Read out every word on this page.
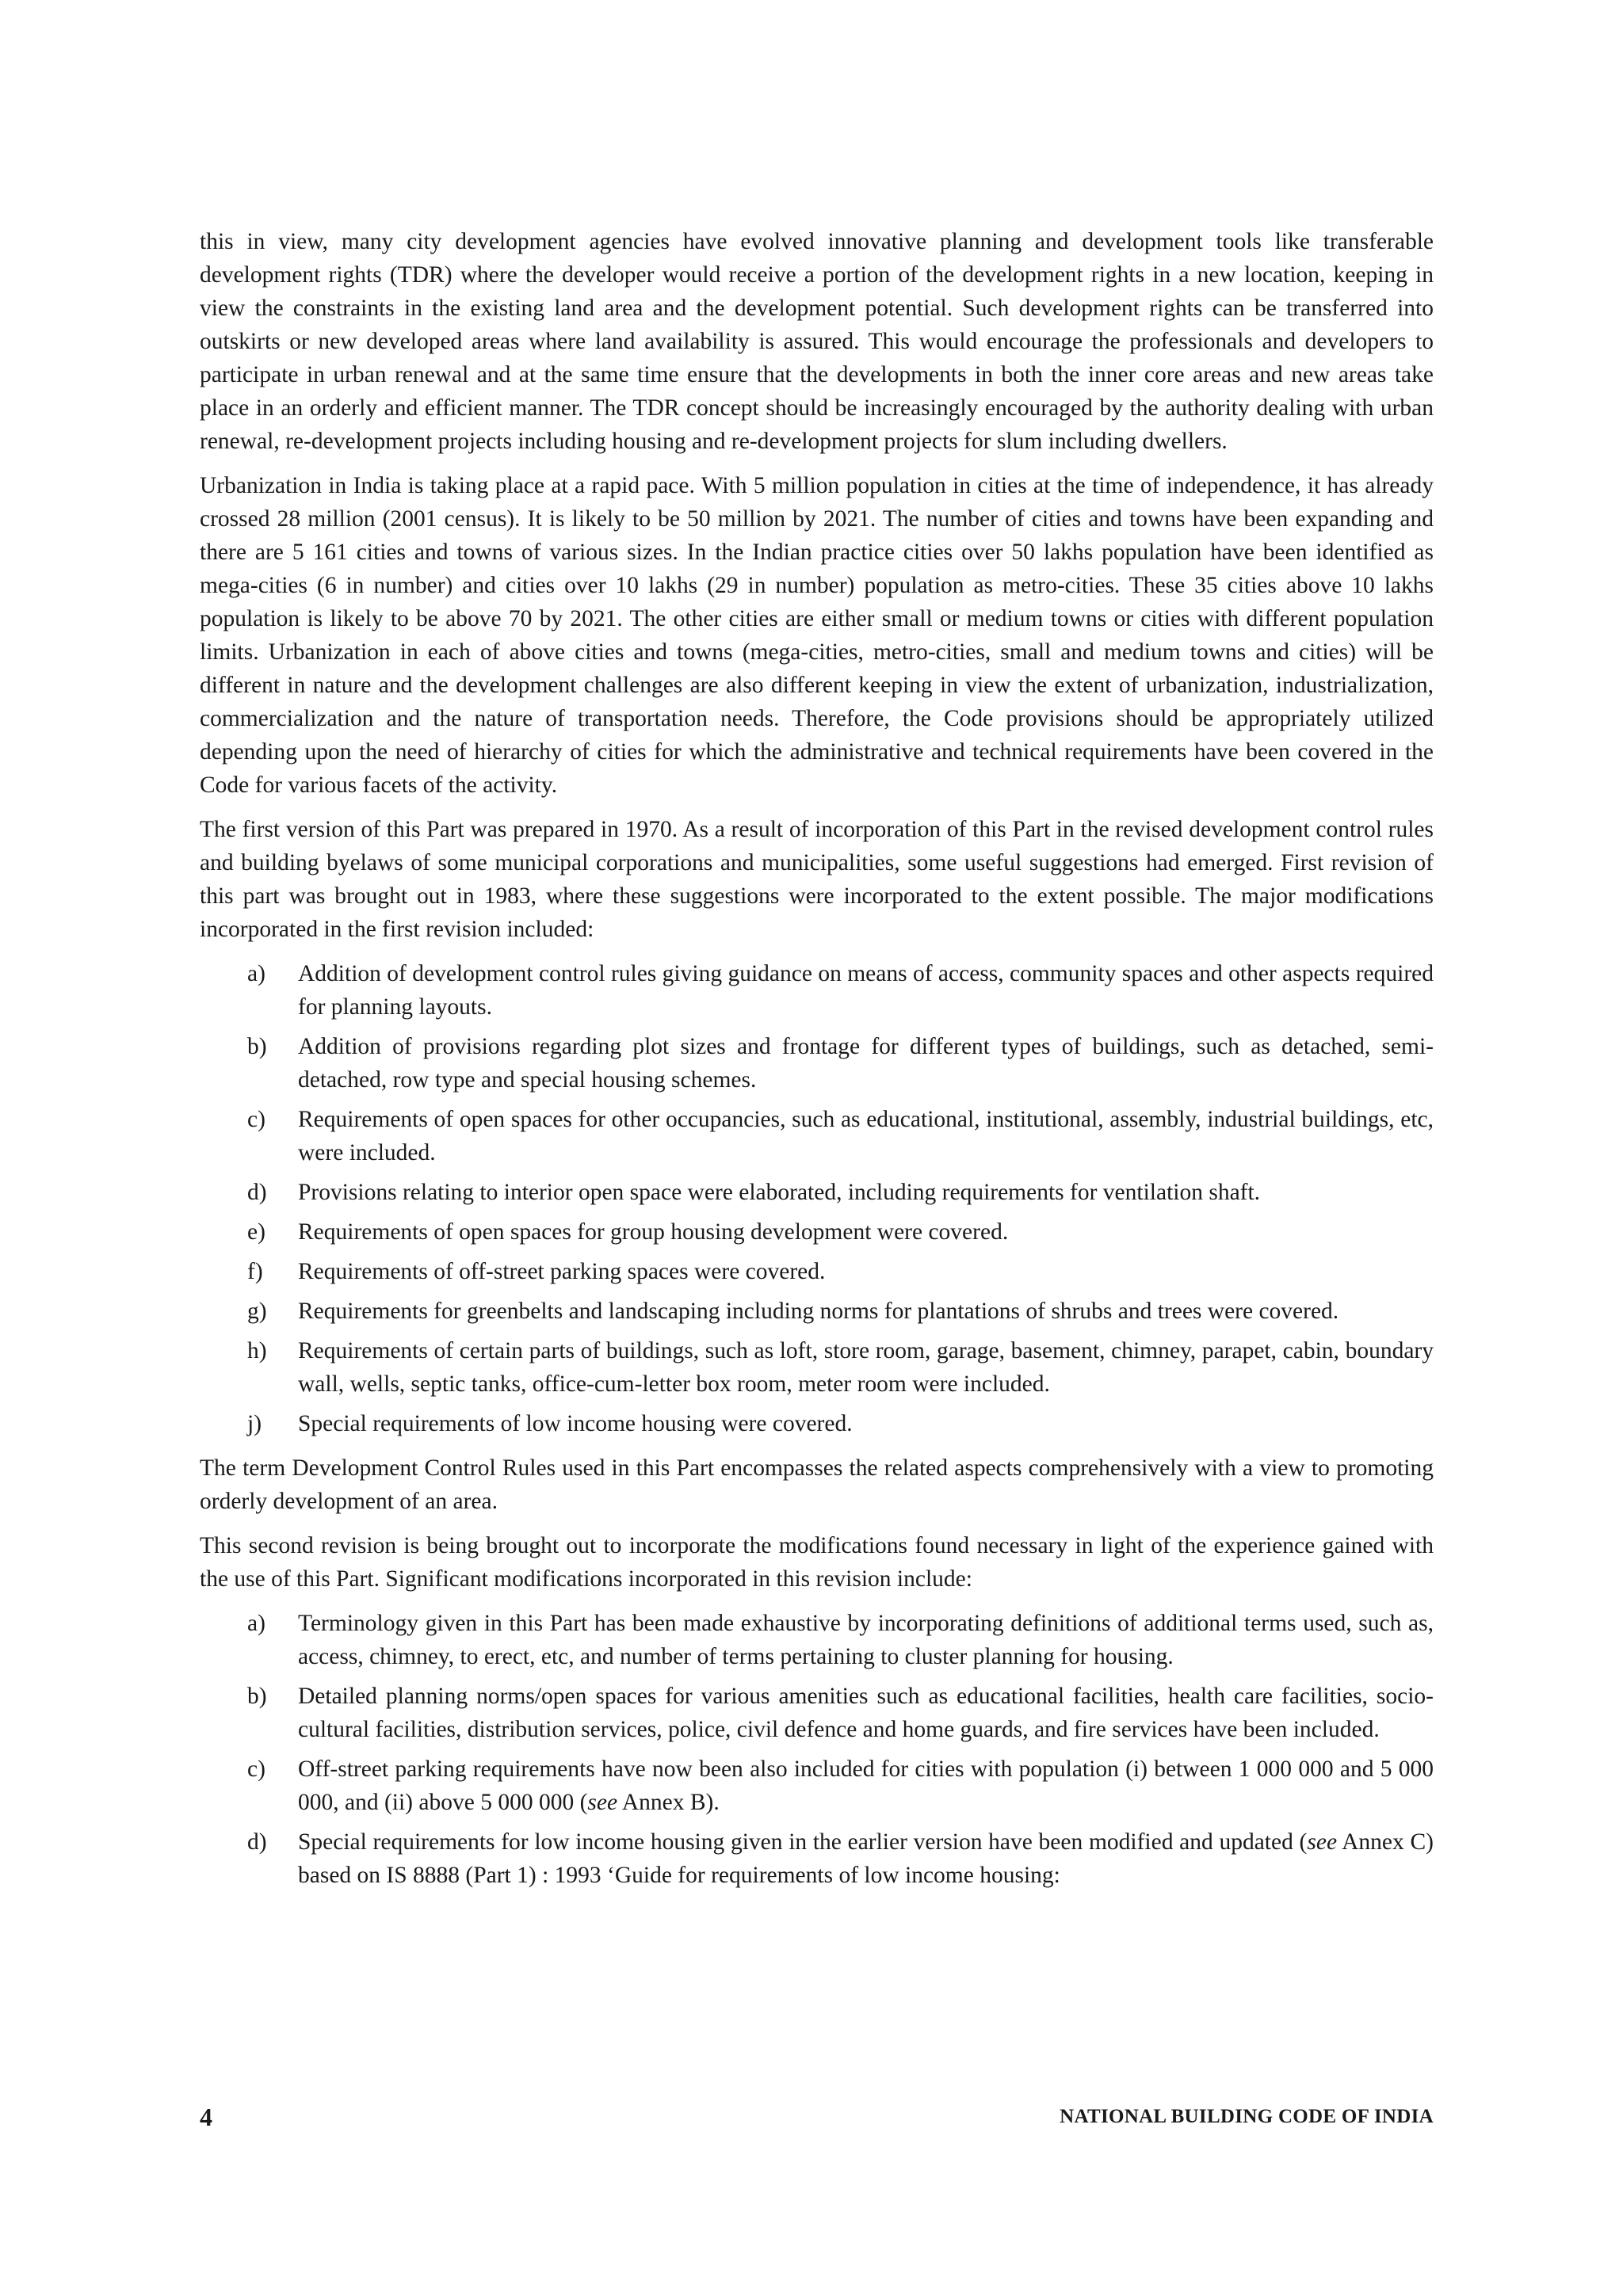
this in view, many city development agencies have evolved innovative planning and development tools like transferable development rights (TDR) where the developer would receive a portion of the development rights in a new location, keeping in view the constraints in the existing land area and the development potential. Such development rights can be transferred into outskirts or new developed areas where land availability is assured. This would encourage the professionals and developers to participate in urban renewal and at the same time ensure that the developments in both the inner core areas and new areas take place in an orderly and efficient manner. The TDR concept should be increasingly encouraged by the authority dealing with urban renewal, re-development projects including housing and re-development projects for slum including dwellers.

Urbanization in India is taking place at a rapid pace. With 5 million population in cities at the time of independence, it has already crossed 28 million (2001 census). It is likely to be 50 million by 2021. The number of cities and towns have been expanding and there are 5 161 cities and towns of various sizes. In the Indian practice cities over 50 lakhs population have been identified as mega-cities (6 in number) and cities over 10 lakhs (29 in number) population as metro-cities. These 35 cities above 10 lakhs population is likely to be above 70 by 2021. The other cities are either small or medium towns or cities with different population limits. Urbanization in each of above cities and towns (mega-cities, metro-cities, small and medium towns and cities) will be different in nature and the development challenges are also different keeping in view the extent of urbanization, industrialization, commercialization and the nature of transportation needs. Therefore, the Code provisions should be appropriately utilized depending upon the need of hierarchy of cities for which the administrative and technical requirements have been covered in the Code for various facets of the activity.

The first version of this Part was prepared in 1970. As a result of incorporation of this Part in the revised development control rules and building byelaws of some municipal corporations and municipalities, some useful suggestions had emerged. First revision of this part was brought out in 1983, where these suggestions were incorporated to the extent possible. The major modifications incorporated in the first revision included:

a) Addition of development control rules giving guidance on means of access, community spaces and other aspects required for planning layouts.
b) Addition of provisions regarding plot sizes and frontage for different types of buildings, such as detached, semi-detached, row type and special housing schemes.
c) Requirements of open spaces for other occupancies, such as educational, institutional, assembly, industrial buildings, etc, were included.
d) Provisions relating to interior open space were elaborated, including requirements for ventilation shaft.
e) Requirements of open spaces for group housing development were covered.
f) Requirements of off-street parking spaces were covered.
g) Requirements for greenbelts and landscaping including norms for plantations of shrubs and trees were covered.
h) Requirements of certain parts of buildings, such as loft, store room, garage, basement, chimney, parapet, cabin, boundary wall, wells, septic tanks, office-cum-letter box room, meter room were included.
j) Special requirements of low income housing were covered.

The term Development Control Rules used in this Part encompasses the related aspects comprehensively with a view to promoting orderly development of an area.

This second revision is being brought out to incorporate the modifications found necessary in light of the experience gained with the use of this Part. Significant modifications incorporated in this revision include:

a) Terminology given in this Part has been made exhaustive by incorporating definitions of additional terms used, such as, access, chimney, to erect, etc, and number of terms pertaining to cluster planning for housing.
b) Detailed planning norms/open spaces for various amenities such as educational facilities, health care facilities, socio-cultural facilities, distribution services, police, civil defence and home guards, and fire services have been included.
c) Off-street parking requirements have now been also included for cities with population (i) between 1 000 000 and 5 000 000, and (ii) above 5 000 000 (see Annex B).
d) Special requirements for low income housing given in the earlier version have been modified and updated (see Annex C) based on IS 8888 (Part 1) : 1993 ‘Guide for requirements of low income housing:
4	NATIONAL BUILDING CODE OF INDIA
